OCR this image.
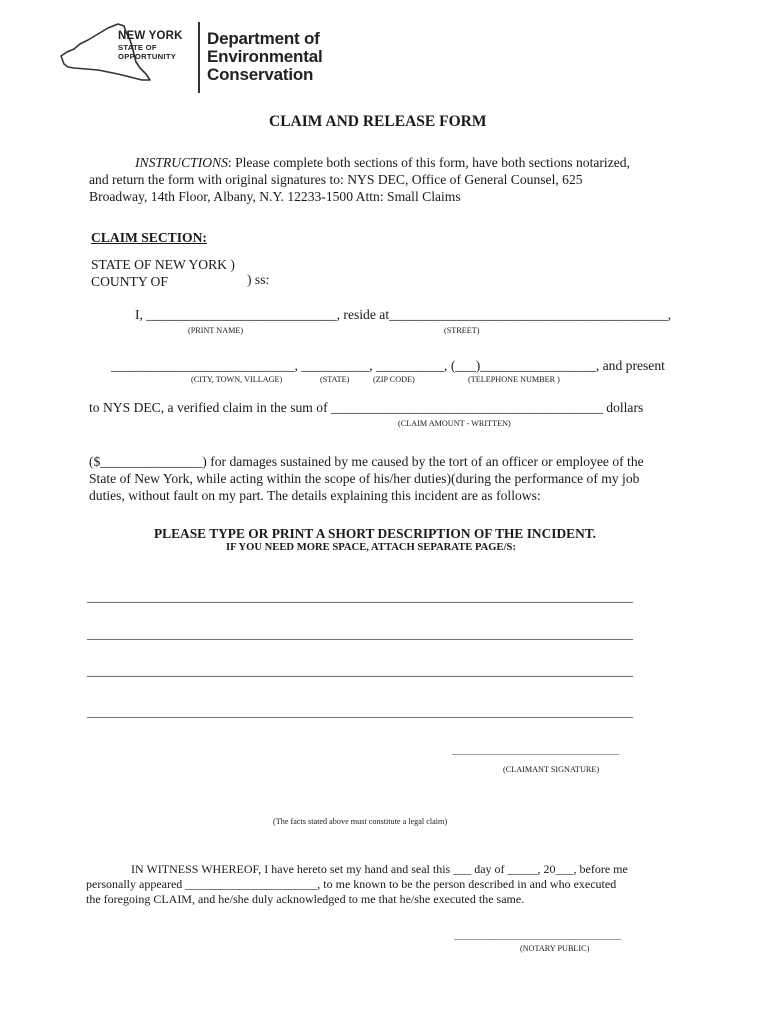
NEW YORK
STATE OF
OPPORTUNITY
Department of
Environmental
Conservation
CLAIM AND RELEASE FORM
INSTRUCTIONS: Please complete both sections of this form, have both sections notarized,
and return the form with original signatures to: NYS DEC, Office of General Counsel, 625
Broadway, 14th Floor, Albany, N.Y. 12233-1500 Attn: Small Claims
CLAIM SECTION:
STATE OF NEW YORK )
COUNTY OF	) ss:
I, ____________________________, reside at_________________________________________,
(PRINT NAME)	(STREET)
___________________________, __________, __________, (___)_________________, and present
(CITY, TOWN, VILLAGE)	(STATE)	(ZIP CODE)	(TELEPHONE NUMBER )
to NYS DEC, a verified claim in the sum of ________________________________________ dollars
(CLAIM AMOUNT - WRITTEN)
($_______________) for damages sustained by me caused by the tort of an officer or employee of the
State of New York, while acting within the scope of his/her duties)(during the performance of my job
duties, without fault on my part. The details explaining this incident are as follows:
PLEASE TYPE OR PRINT A SHORT DESCRIPTION OF THE INCIDENT.
IF YOU NEED MORE SPACE, ATTACH SEPARATE PAGE/S:
____________________________________________________________________________________
____________________________________________________________________________________
____________________________________________________________________________________
____________________________________________________________________________________
____________________________________________
(CLAIMANT SIGNATURE)
(The facts stated above must constitute a legal claim)
IN WITNESS WHEREOF, I have hereto set my hand and seal this ___ day of _____, 20___, before me
personally appeared ______________________, to me known to be the person described in and who executed
the foregoing CLAIM, and he/she duly acknowledged to me that he/she executed the same.
____________________________________________
(NOTARY PUBLIC)
